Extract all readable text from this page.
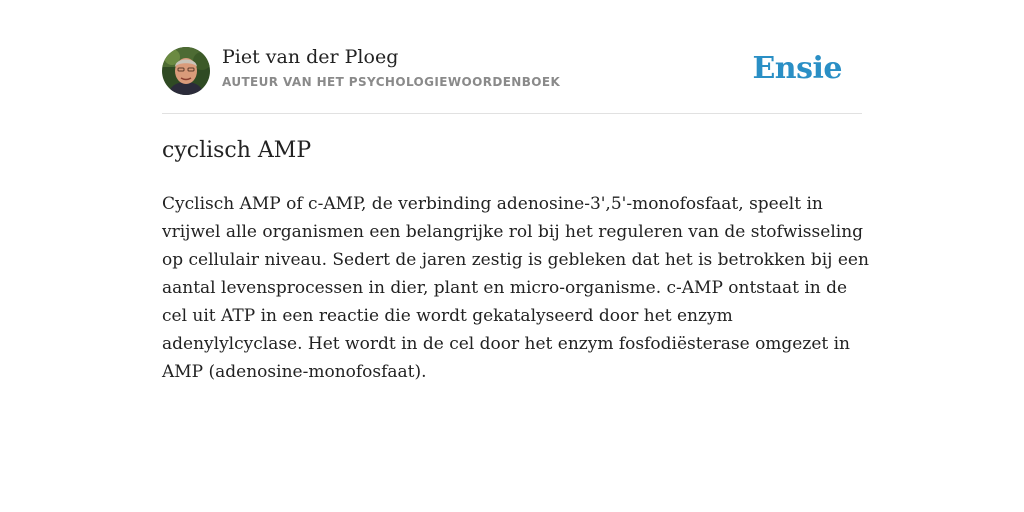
Piet van der Ploeg
AUTEUR VAN HET PSYCHOLOGIEWOORDENBOEK	Ensie
cyclisch AMP

Cyclisch AMP of c-AMP, de verbinding adenosine-3',5'-monofosfaat, speelt in
vrijwel alle organismen een belangrijke rol bij het reguleren van de stofwisseling
op cellulair niveau. Sedert de jaren zestig is gebleken dat het is betrokken bij een
aantal levensprocessen in dier, plant en micro-organisme. c-AMP ontstaat in de
cel uit ATP in een reactie die wordt gekatalyseerd door het enzym
adenylylcyclase. Het wordt in de cel door het enzym fosfodiësterase omgezet in
AMP (adenosine-monofosfaat).
